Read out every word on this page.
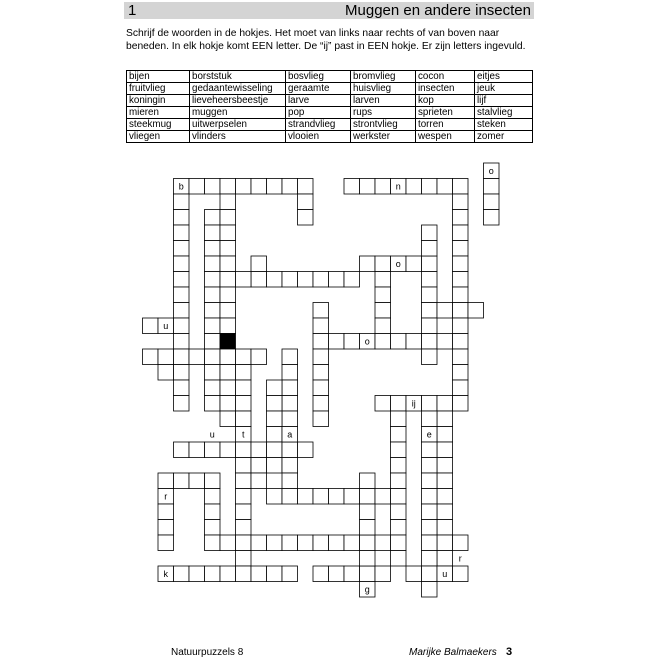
1	Muggen en andere insecten
Schrijf de woorden in de hokjes. Het moet van links naar rechts of van boven naar beneden. In elk hokje komt EEN letter. De “ij” past in EEN hokje. Er zijn letters ingevuld.
bijen	borststuk	bosvlieg	bromvlieg	cocon	eitjes
fruitvlieg	gedaantewisseling	geraamte	huisvlieg	insecten	jeuk
koningin	lieveheersbeestje	larve	larven	kop	lijf
mieren	muggen	pop	rups	sprieten	stalvlieg
steekmug	uitwerpselen	strandvlieg	strontvlieg	torren	steken
vliegen	vlinders	vlooien	werkster	wespen	zomer
o
b	n
o
u
o
ij
u	t	a	e
r
r
k	u
g
Natuurpuzzels 8	Marijke Balmaekers 3
